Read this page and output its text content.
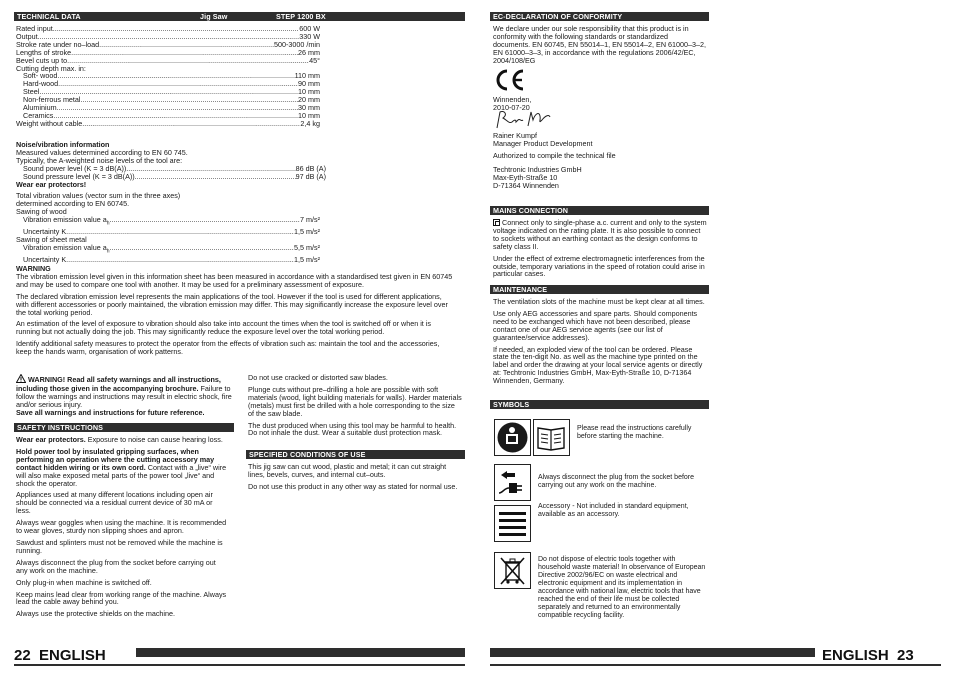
TECHNICAL DATA	Jig Saw	STEP 1200 BX
Rated input .....	600 W
Output .....	330 W
Stroke rate under no–load .....	500-3000 /min
Lengths of stroke .....	26 mm
Bevel cuts up to .....	45°
Cutting depth max. in:
Soft- wood .....	110 mm
Hard-wood .....	90 mm
Steel .....	10 mm
Non-ferrous metal .....	20 mm
Aluminium .....	30 mm
Ceramics .....	10 mm
Weight without cable .....	2,4 kg
Noise/vibration information
Measured values determined according to EN 60 745.
Typically, the A-weighted noise levels of the tool are:
Sound power level (K = 3 dB(A)) .....	86 dB (A)
Sound pressure level (K = 3 dB(A)) .....	97 dB (A)
Wear ear protectors!
Total vibration values (vector sum in the three axes)
determined according to EN 60745.
Sawing of wood
Vibration emission value $a_h$ .....	7 m/s²
Uncertainty K .....	1,5 m/s²
Sawing of sheet metal
Vibration emission value $a_h$ .....	5,5 m/s²
Uncertainty K .....	1,5 m/s²
WARNING

The vibration emission level given in this information sheet has been measured in accordance with a standardised test given in EN 60745 and may be used to compare one tool with another. It may be used for a preliminary assessment of exposure.

The declared vibration emission level represents the main applications of the tool. However if the tool is used for different applications, with different accessories or poorly maintained, the vibration emission may differ. This may significantly increase the exposure level over the total working period.

An estimation of the level of exposure to vibration should also take into account the times when the tool is switched off or when it is running but not actually doing the job. This may significantly reduce the exposure level over the total working period.

Identify additional safety measures to protect the operator from the effects of vibration such as: maintain the tool and the accessories, keep the hands warm, organisation of work patterns.

WARNING! Read all safety warnings and all instructions, including those given in the accompanying brochure. Failure to follow the warnings and instructions may result in electric shock, fire and/or serious injury.
Save all warnings and instructions for future reference.
SAFETY INSTRUCTIONS

Wear ear protectors. Exposure to noise can cause hearing loss.

Hold power tool by insulated gripping surfaces, when performing an operation where the cutting accessory may contact hidden wiring or its own cord. Contact with a „live“ wire will also make exposed metal parts of the power tool „live“ and shock the operator.

Appliances used at many different locations including open air should be connected via a residual current device of 30 mA or less.

Always wear goggles when using the machine. It is recommended to wear gloves, sturdy non slipping shoes and apron.

Sawdust and splinters must not be removed while the machine is running.

Always disconnect the plug from the socket before carrying out any work on the machine.

Only plug-in when machine is switched off.

Keep mains lead clear from working range of the machine. Always lead the cable away behind you.

Always use the protective shields on the machine.

Do not use cracked or distorted saw blades.

Plunge cuts without pre–drilling a hole are possible with soft materials (wood, light building materials for walls). Harder materials (metals) must first be drilled with a hole corresponding to the size of the saw blade.

The dust produced when using this tool may be harmful to health. Do not inhale the dust. Wear a suitable dust protection mask.

SPECIFIED CONDITIONS OF USE

This jig saw can cut wood, plastic and metal; it can cut straight lines, bevels, curves, and internal cut–outs.

Do not use this product in any other way as stated for normal use.

22 ENGLISH
EC-DECLARATION OF CONFORMITY

We declare under our sole responsibility that this product is in conformity with the following standards or standardized documents. EN 60745, EN 55014–1, EN 55014–2, EN 61000–3–2, EN 61000–3–3, in accordance with the regulations 2006/42/EC, 2004/108/EG

Winnenden, 2010-07-20
Rainer Kumpf
Manager Product Development
Authorized to compile the technical file
Techtronic Industries GmbH
Max-Eyth-Straße 10
D-71364 Winnenden
MAINS CONNECTION

Connect only to single-phase a.c. current and only to the system voltage indicated on the rating plate. It is also possible to connect to sockets without an earthing contact as the design conforms to safety class II.

Under the effect of extreme electromagnetic interferences from the outside, temporary variations in the speed of rotation could arise in particular cases.

MAINTENANCE

The ventilation slots of the machine must be kept clear at all times.

Use only AEG accessories and spare parts. Should components need to be exchanged which have not been described, please contact one of our AEG service agents (see our list of guarantee/service addresses).

If needed, an exploded view of the tool can be ordered. Please state the ten-digit No. as well as the machine type printed on the label and order the drawing at your local service agents or directly at: Techtronic Industries GmbH, Max-Eyth-Straße 10, D-71364 Winnenden, Germany.

SYMBOLS
Please read the instructions carefully before starting the machine.
Always disconnect the plug from the socket before carrying out any work on the machine.
Accessory - Not included in standard equipment, available as an accessory.
Do not dispose of electric tools together with household waste material! In observance of European Directive 2002/96/EC on waste electrical and electronic equipment and its implementation in accordance with national law, electric tools that have reached the end of their life must be collected separately and returned to an environmentally compatible recycling facility.
ENGLISH 23
